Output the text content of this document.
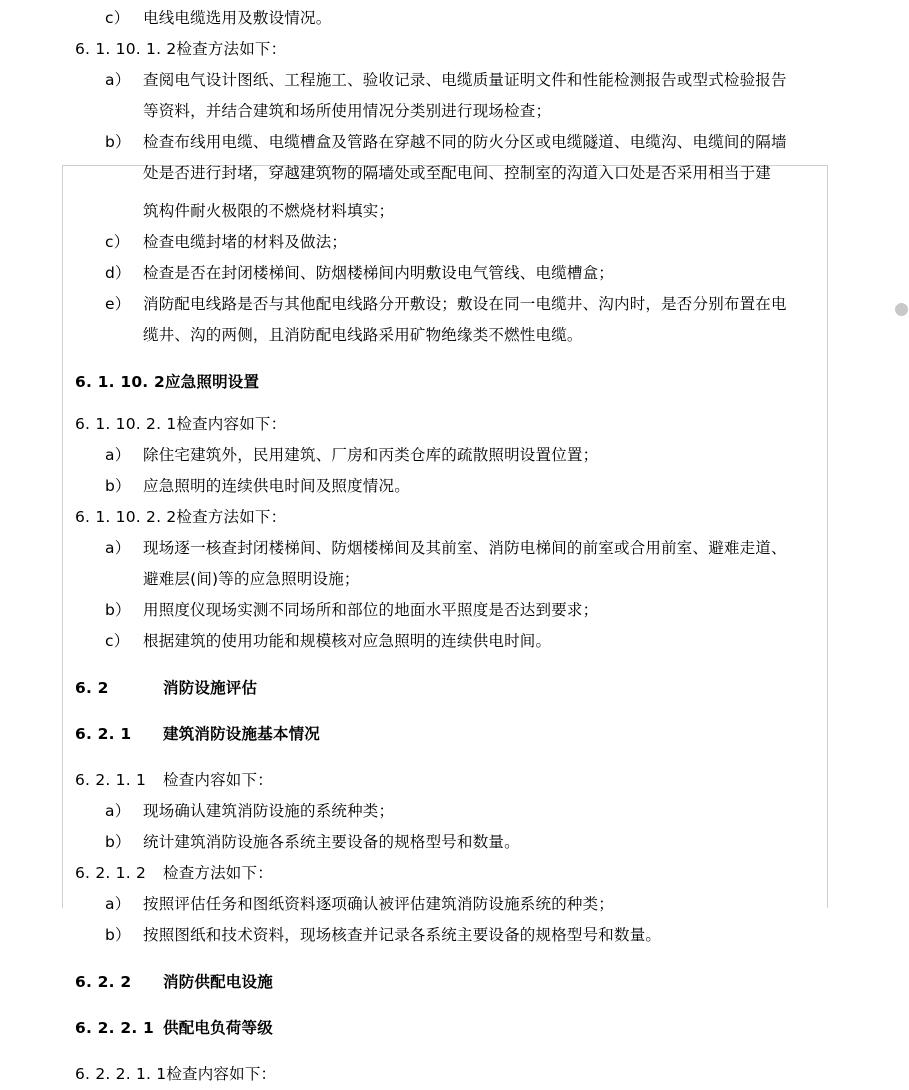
c） 电线电缆选用及敷设情况。
6. 1. 10. 1. 2检查方法如下：
a） 查阅电气设计图纸、工程施工、验收记录、电缆质量证明文件和性能检测报告或型式检验报告
等资料，并结合建筑和场所使用情况分类别进行现场检查；
b） 检查布线用电缆、电缆槽盒及管路在穿越不同的防火分区或电缆隧道、电缆沟、电缆间的隔墙
处是否进行封堵，穿越建筑物的隔墙处或至配电间、控制室的沟道入口处是否采用相当于建
筑构件耐火极限的不燃烧材料填实；
c） 检查电缆封堵的材料及做法；
d） 检查是否在封闭楼梯间、防烟楼梯间内明敷设电气管线、电缆槽盒；
e） 消防配电线路是否与其他配电线路分开敷设；敷设在同一电缆井、沟内时，是否分别布置在电
缆井、沟的两侧，且消防配电线路采用矿物绝缘类不燃性电缆。
6. 1. 10. 2应急照明设置
6. 1. 10. 2. 1检查内容如下：
a） 除住宅建筑外，民用建筑、厂房和丙类仓库的疏散照明设置位置；
b） 应急照明的连续供电时间及照度情况。
6. 1. 10. 2. 2检查方法如下：
a） 现场逐一核查封闭楼梯间、防烟楼梯间及其前室、消防电梯间的前室或合用前室、避难走道、
避难层(间)等的应急照明设施；
b） 用照度仪现场实测不同场所和部位的地面水平照度是否达到要求；
c） 根据建筑的使用功能和规模核对应急照明的连续供电时间。
6. 2	消防设施评估
6. 2. 1 建筑消防设施基本情况
6. 2. 1. 1 检查内容如下：
a） 现场确认建筑消防设施的系统种类；
b） 统计建筑消防设施各系统主要设备的规格型号和数量。
6. 2. 1. 2 检查方法如下：
a） 按照评估任务和图纸资料逐项确认被评估建筑消防设施系统的种类；
b） 按照图纸和技术资料，现场核查并记录各系统主要设备的规格型号和数量。
6. 2. 2 消防供配电设施
6. 2. 2. 1 供配电负荷等级
6. 2. 2. 1. 1检查内容如下：
